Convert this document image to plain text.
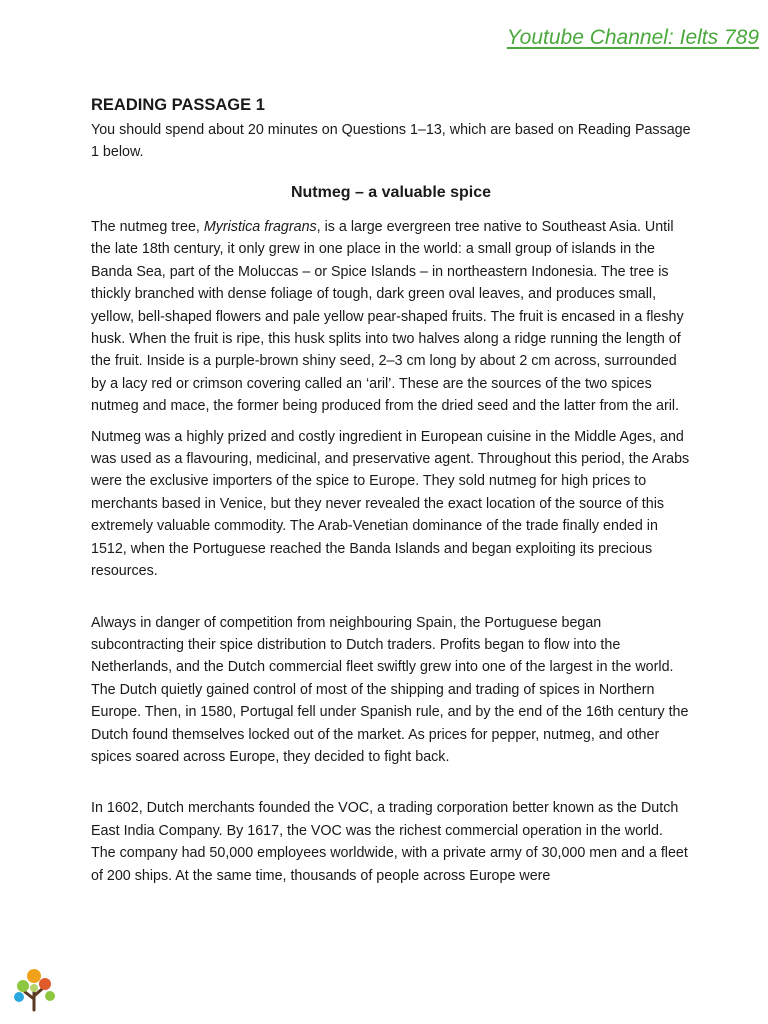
Youtube Channel: Ielts 789
READING PASSAGE 1

You should spend about 20 minutes on Questions 1–13, which are based on Reading Passage 1 below.

Nutmeg – a valuable spice

The nutmeg tree, Myristica fragrans, is a large evergreen tree native to Southeast Asia. Until the late 18th century, it only grew in one place in the world: a small group of islands in the Banda Sea, part of the Moluccas – or Spice Islands – in northeastern Indonesia. The tree is thickly branched with dense foliage of tough, dark green oval leaves, and produces small, yellow, bell-shaped flowers and pale yellow pear-shaped fruits. The fruit is encased in a fleshy husk. When the fruit is ripe, this husk splits into two halves along a ridge running the length of the fruit. Inside is a purple-brown shiny seed, 2–3 cm long by about 2 cm across, surrounded by a lacy red or crimson covering called an ‘aril’. These are the sources of the two spices nutmeg and mace, the former being produced from the dried seed and the latter from the aril.

Nutmeg was a highly prized and costly ingredient in European cuisine in the Middle Ages, and was used as a flavouring, medicinal, and preservative agent. Throughout this period, the Arabs were the exclusive importers of the spice to Europe. They sold nutmeg for high prices to merchants based in Venice, but they never revealed the exact location of the source of this extremely valuable commodity. The Arab-Venetian dominance of the trade finally ended in 1512, when the Portuguese reached the Banda Islands and began exploiting its precious resources.

Always in danger of competition from neighbouring Spain, the Portuguese began subcontracting their spice distribution to Dutch traders. Profits began to flow into the Netherlands, and the Dutch commercial fleet swiftly grew into one of the largest in the world. The Dutch quietly gained control of most of the shipping and trading of spices in Northern Europe. Then, in 1580, Portugal fell under Spanish rule, and by the end of the 16th century the Dutch found themselves locked out of the market. As prices for pepper, nutmeg, and other spices soared across Europe, they decided to fight back.

In 1602, Dutch merchants founded the VOC, a trading corporation better known as the Dutch East India Company. By 1617, the VOC was the richest commercial operation in the world. The company had 50,000 employees worldwide, with a private army of 30,000 men and a fleet of 200 ships. At the same time, thousands of people across Europe were
